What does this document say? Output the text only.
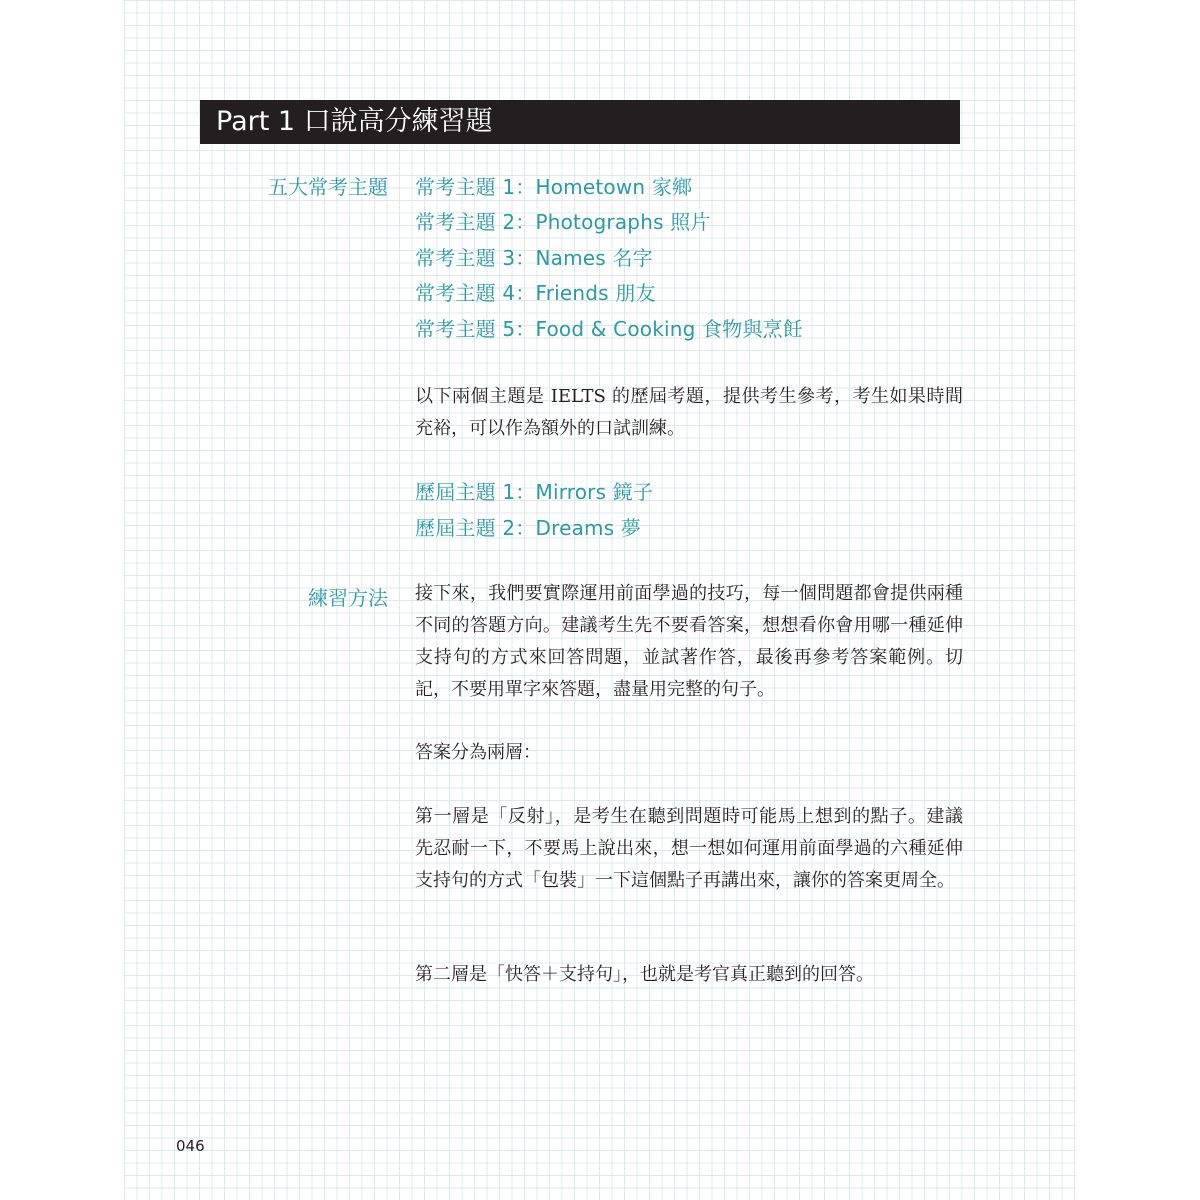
Part 1 口說高分練習題
五大常考主題 常考主題 1：Hometown 家鄉
常考主題 2：Photographs 照片
常考主題 3：Names 名字
常考主題 4：Friends 朋友
常考主題 5：Food & Cooking 食物與烹飪
以下兩個主題是 IELTS 的歷屆考題，提供考生參考，考生如果時間充裕，可以作為額外的口試訓練。
歷屆主題 1：Mirrors 鏡子
歷屆主題 2：Dreams 夢
練習方法 接下來，我們要實際運用前面學過的技巧，每一個問題都會提供兩種不同的答題方向。建議考生先不要看答案，想想看你會用哪一種延伸支持句的方式來回答問題，並試著作答，最後再參考答案範例。切記，不要用單字來答題，盡量用完整的句子。
答案分為兩層：
第一層是「反射」，是考生在聽到問題時可能馬上想到的點子。建議先忍耐一下，不要馬上說出來，想一想如何運用前面學過的六種延伸支持句的方式「包裝」一下這個點子再講出來，讓你的答案更周全。
第二層是「快答＋支持句」，也就是考官真正聽到的回答。
046
